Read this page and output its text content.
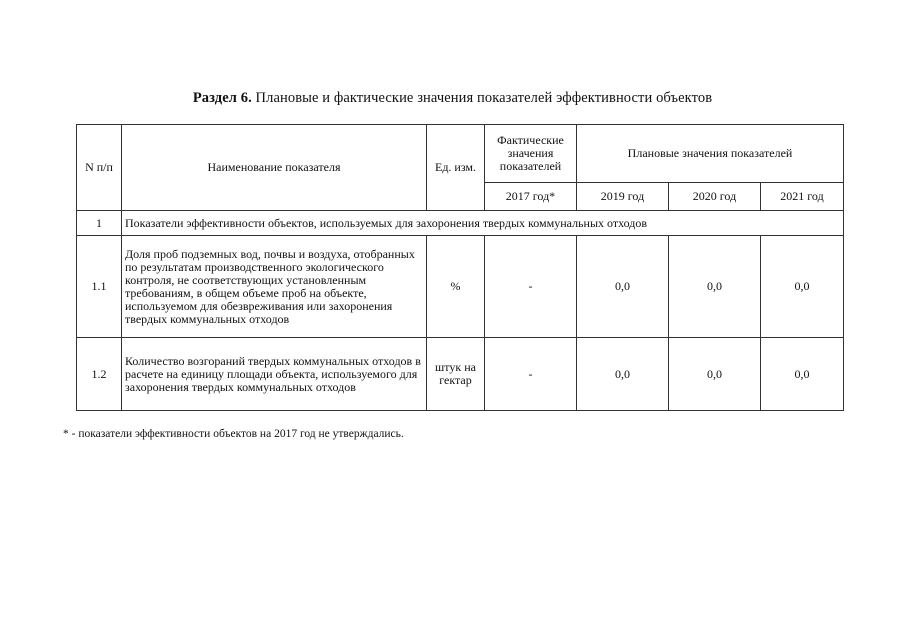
Раздел 6. Плановые и фактические значения показателей эффективности объектов
N п/п	Наименование показателя	Ед. изм.	Фактические значения показателей	Плановые значения показателей		
			2017 год*	2019 год	2020 год	2021 год
1	Показатели эффективности объектов, используемых для захоронения твердых коммунальных отходов					
1.1	Доля проб подземных вод, почвы и воздуха, отобранных по результатам производственного экологического контроля, не соответствующих установленным требованиям, в общем объеме проб на объекте, используемом для обезвреживания или захоронения твердых коммунальных отходов	%	-	0,0	0,0	0,0
1.2	Количество возгораний твердых коммунальных отходов в расчете на единицу площади объекта, используемого для захоронения твердых коммунальных отходов	штук на гектар	-	0,0	0,0	0,0
* - показатели эффективности объектов на 2017 год не утверждались.
